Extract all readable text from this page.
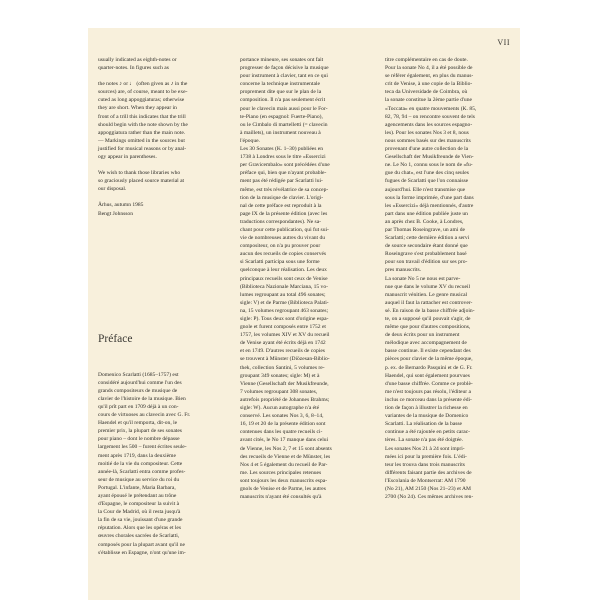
VII

usually indicated as eighth-notes or

quarter-notes. In figures such as

the notes ♪ or ♩ (often given as ♪ in the

sources) are, of course, meant to be exe-

cuted as long appoggiaturas; otherwise

they are short. When they appear in

front of a trill this indicates that the trill

should begin with the note shown by the

appoggiatura rather than the main note.

— Markings omitted in the sources but

justified for musical reasons or by anal-

ogy appear in parentheses.

We wish to thank those libraries who

so graciously placed source material at

our disposal.

Århus, autumn 1985

Bengt Johnsson

Préface

Domenico Scarlatti (1685–1757) est

considéré aujourd'hui comme l'un des

grands compositeurs de musique de

clavier de l'histoire de la musique. Bien

qu'il prît part en 1709 déjà à un con-

cours de virtuoses au clavecin avec G. Fr.

Haendel et qu'il remporta, dit-on, le

premier prix, la plupart de ses sonates

pour piano – dont le nombre dépasse

largement les 500 – furent écrites seule-

ment après 1719, dans la deuxième

moitié de la vie du compositeur. Cette

année-là, Scarlatti entra comme profes-

seur de musique au service du roi du

Portugal. L'infante, Maria Barbara,

ayant épousé le prétendant au trône

d'Espagne, le compositeur la suivit à

la Cour de Madrid, où il resta jusqu'à

la fin de sa vie, jouissant d'une grande

réputation. Alors que les opéras et les

œuvres chorales sacrées de Scarlatti,

composés pour la plupart avant qu'il ne

s'établisse en Espagne, n'ont qu'une im-

portance mineure, ses sonates ont fait

progresser de façon décisive la musique

pour instrument à clavier, tant en ce qui

concerne la technique instrumentale

proprement dite que sur le plan de la

composition. Il n'a pas seulement écrit

pour le clavecin mais aussi pour le For-

te-Piano (en espagnol: Fuerte-Piano),

ou le Cimbalo di martelletti (= clavecin

à maillets), un instrument nouveau à

l'époque.

Les 30 Sonates (K. 1–30) publiées en

1738 à Londres sous le titre «Essercizi

per Gravicembalo» sont précédées d'une

préface qui, bien que n'ayant probable-

ment pas été rédigée par Scarlatti lui-

même, est très révélatrice de sa concep-

tion de la musique de clavier. L'origi-

nal de cette préface est reproduit à la

page IX de la présente édition (avec les

traductions correspondantes). Ne sa-

chant pour cette publication, qui fut sui-

vie de nombreuses autres du vivant du

compositeur, on n'a pu prouver pour

aucun des recueils de copies conservés

si Scarlatti participa sous une forme

quelconque à leur réalisation. Les deux

principaux recueils sont ceux de Venise

(Biblioteca Nazionale Marciana, 15 vo-

lumes regroupant au total 496 sonates;

sigle: V) et de Parme (Biblioteca Palati-

na, 15 volumes regroupant 463 sonates;

sigle: P). Tous deux sont d'origine espa-

gnole et furent composés entre 1752 et

1757, les volumes XIV et XV du recueil

de Venise ayant été écrits déjà en 1742

et en 1749. D'autres recueils de copies

se trouvent à Münster (Diözesan-Biblio-

thek, collection Santini, 5 volumes re-

groupant 349 sonates; sigle: M) et à

Vienne (Gesellschaft der Musikfreunde,

7 volumes regroupant 308 sonates,

autrefois propriété de Johannes Brahms;

sigle: W). Aucun autographe n'a été

conservé. Les sonates Nos 3, 6, 8–14,

16, 19 et 20 de la présente édition sont

contenues dans les quatre recueils ci-

avant cités, le No 17 manque dans celui

de Vienne, les Nos 2, 7 et 15 sont absents

des recueils de Vienne et de Münster, les

Nos 4 et 5 également du recueil de Par-

me. Les sources principales retenues

sont toujours les deux manuscrits espa-

gnols de Venise et de Parme, les autres

manuscrits n'ayant été consultés qu'à

titre complémentaire en cas de doute.

Pour la sonate No 4, il a été possible de

se référer également, en plus du manus-

crit de Venise, à une copie de la Biblio-

teca da Universidade de Coimbra, où

la sonate constitue la 2ème partie d'une

«Toccata» en quatre mouvements (K. 85,

82, 78, 94 – on rencontre souvent de tels

agencements dans les sources espagno-

les). Pour les sonates Nos 3 et 8, nous

nous sommes basés sur des manuscrits

provenant d'une autre collection de la

Gesellschaft der Musikfreunde de Vien-

ne. Le No 1, connu sous le nom de «fu-

gue du chat», est l'une des cinq seules

fugues de Scarlatti que l'on connaisse

aujourd'hui. Elle n'est transmise que

sous la forme imprimée, d'une part dans

les «Essercizi» déjà mentionnés, d'autre

part dans une édition publiée juste un

an après chez B. Cooke, à Londres,

par Thomas Roseingrave, un ami de

Scarlatti; cette dernière édition a servi

de source secondaire étant donné que

Roseingrave s'est probablement basé

pour son travail d'édition sur ses pro-

pres manuscrits.

La sonate No 5 ne nous est parve-

nue que dans le volume XV du recueil

manuscrit vénitien. Le genre musical

auquel il faut la rattacher est controver-

sé. En raison de la basse chiffrée adjoin-

te, on a supposé qu'il pouvait s'agir, de

même que pour d'autres compositions,

de deux écrits pour un instrument

mélodique avec accompagnement de

basse continue. Il existe cependant des

pièces pour clavier de la même époque,

p. ex. de Bernardo Pasquini et de G. Fr.

Haendel, qui sont également pourvues

d'une basse chiffrée. Comme ce problè-

me n'est toujours pas résolu, l'éditeur a

inclus ce morceau dans la présente édi-

tion de façon à illustrer la richesse en

variantes de la musique de Domenico

Scarlatti. La réalisation de la basse

continue a été rajoutée en petits carac-

tères. La sonate n'a pas été doigtée.

Les sonates Nos 21 à 24 sont impri-

mées ici pour la première fois. L'édi-

teur les trouva dans trois manuscrits

différents faisant partie des archives de

l'Escolania de Montserrat: AM 1790

(No 21), AM 2150 (Nos 21–23) et AM

2700 (No 24). Ces mêmes archives ren-
